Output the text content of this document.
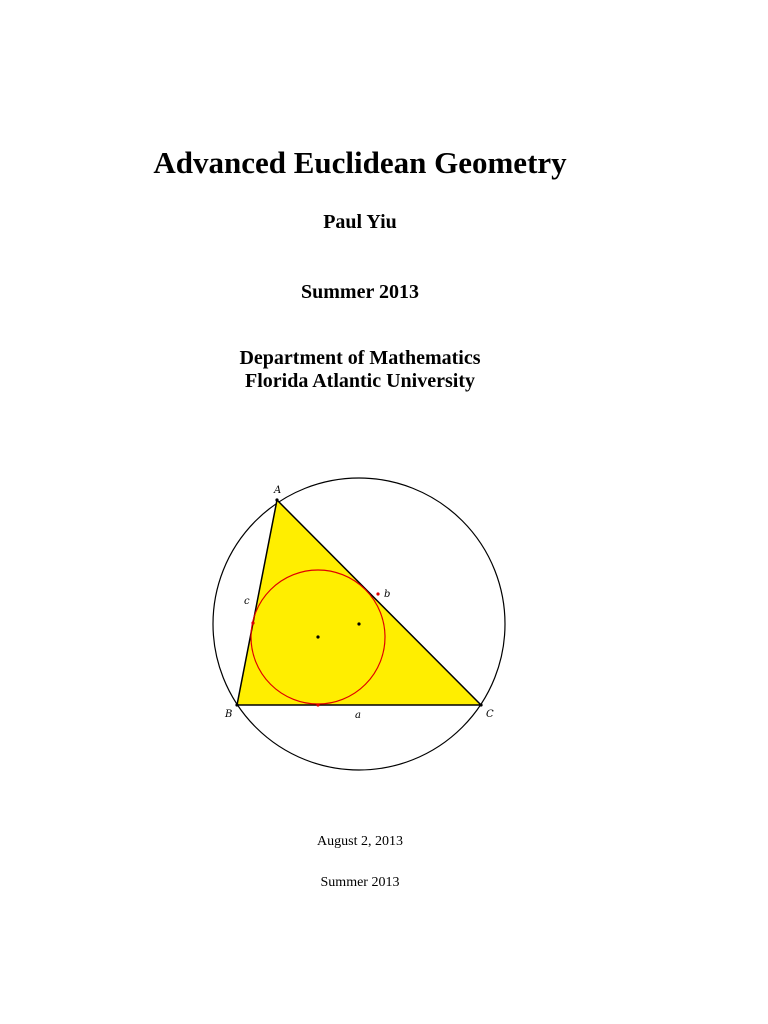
Advanced Euclidean Geometry
Paul Yiu
Summer 2013
Department of Mathematics
Florida Atlantic University
A
B	C
a
b
c
August 2, 2013
Summer 2013
